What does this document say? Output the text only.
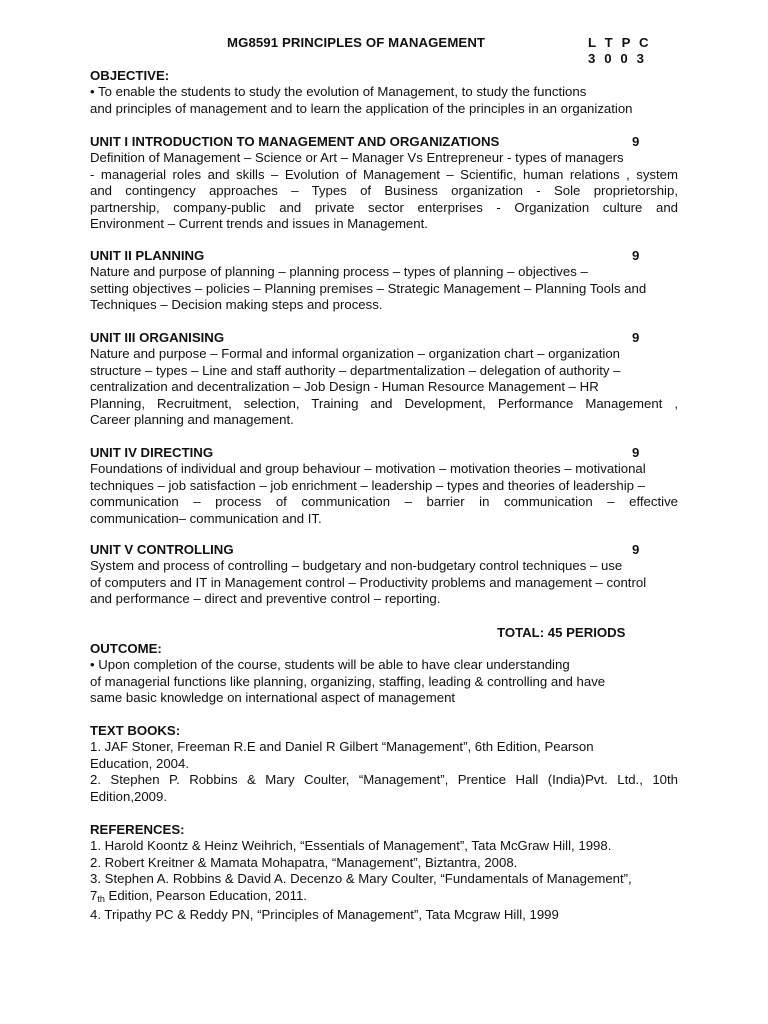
MG8591 PRINCIPLES OF MANAGEMENT	L T P C
3 0 0 3
OBJECTIVE:
• To enable the students to study the evolution of Management, to study the functions
and principles of management and to learn the application of the principles in an organization
UNIT I INTRODUCTION TO MANAGEMENT AND ORGANIZATIONS	9
Definition of Management – Science or Art – Manager Vs Entrepreneur - types of managers
- managerial roles and skills – Evolution of Management – Scientific, human relations , system
and contingency approaches – Types of Business organization - Sole proprietorship,
partnership, company-public and private sector enterprises - Organization culture and
Environment – Current trends and issues in Management.
UNIT II PLANNING	9
Nature and purpose of planning – planning process – types of planning – objectives –
setting objectives – policies – Planning premises – Strategic Management – Planning Tools and
Techniques – Decision making steps and process.
UNIT III ORGANISING	9
Nature and purpose – Formal and informal organization – organization chart – organization
structure – types – Line and staff authority – departmentalization – delegation of authority –
centralization and decentralization – Job Design - Human Resource Management – HR
Planning, Recruitment, selection, Training and Development, Performance Management ,
Career planning and management.
UNIT IV DIRECTING	9
Foundations of individual and group behaviour – motivation – motivation theories – motivational
techniques – job satisfaction – job enrichment – leadership – types and theories of leadership –
communication – process of communication – barrier in communication – effective
communication– communication and IT.
UNIT V CONTROLLING	9
System and process of controlling – budgetary and non-budgetary control techniques – use
of computers and IT in Management control – Productivity problems and management – control
and performance – direct and preventive control – reporting.
TOTAL: 45 PERIODS
OUTCOME:
• Upon completion of the course, students will be able to have clear understanding
of managerial functions like planning, organizing, staffing, leading & controlling and have
same basic knowledge on international aspect of management
TEXT BOOKS:
1. JAF Stoner, Freeman R.E and Daniel R Gilbert “Management”, 6th Edition, Pearson
Education, 2004.
2. Stephen P. Robbins & Mary Coulter, “Management”, Prentice Hall (India)Pvt. Ltd., 10th
Edition,2009.
REFERENCES:
1. Harold Koontz & Heinz Weihrich, “Essentials of Management”, Tata McGraw Hill, 1998.
2. Robert Kreitner & Mamata Mohapatra, “Management”, Biztantra, 2008.
3. Stephen A. Robbins & David A. Decenzo & Mary Coulter, “Fundamentals of Management”,
$7_{th}$ Edition, Pearson Education, 2011.
4. Tripathy PC & Reddy PN, “Principles of Management”, Tata Mcgraw Hill, 1999
